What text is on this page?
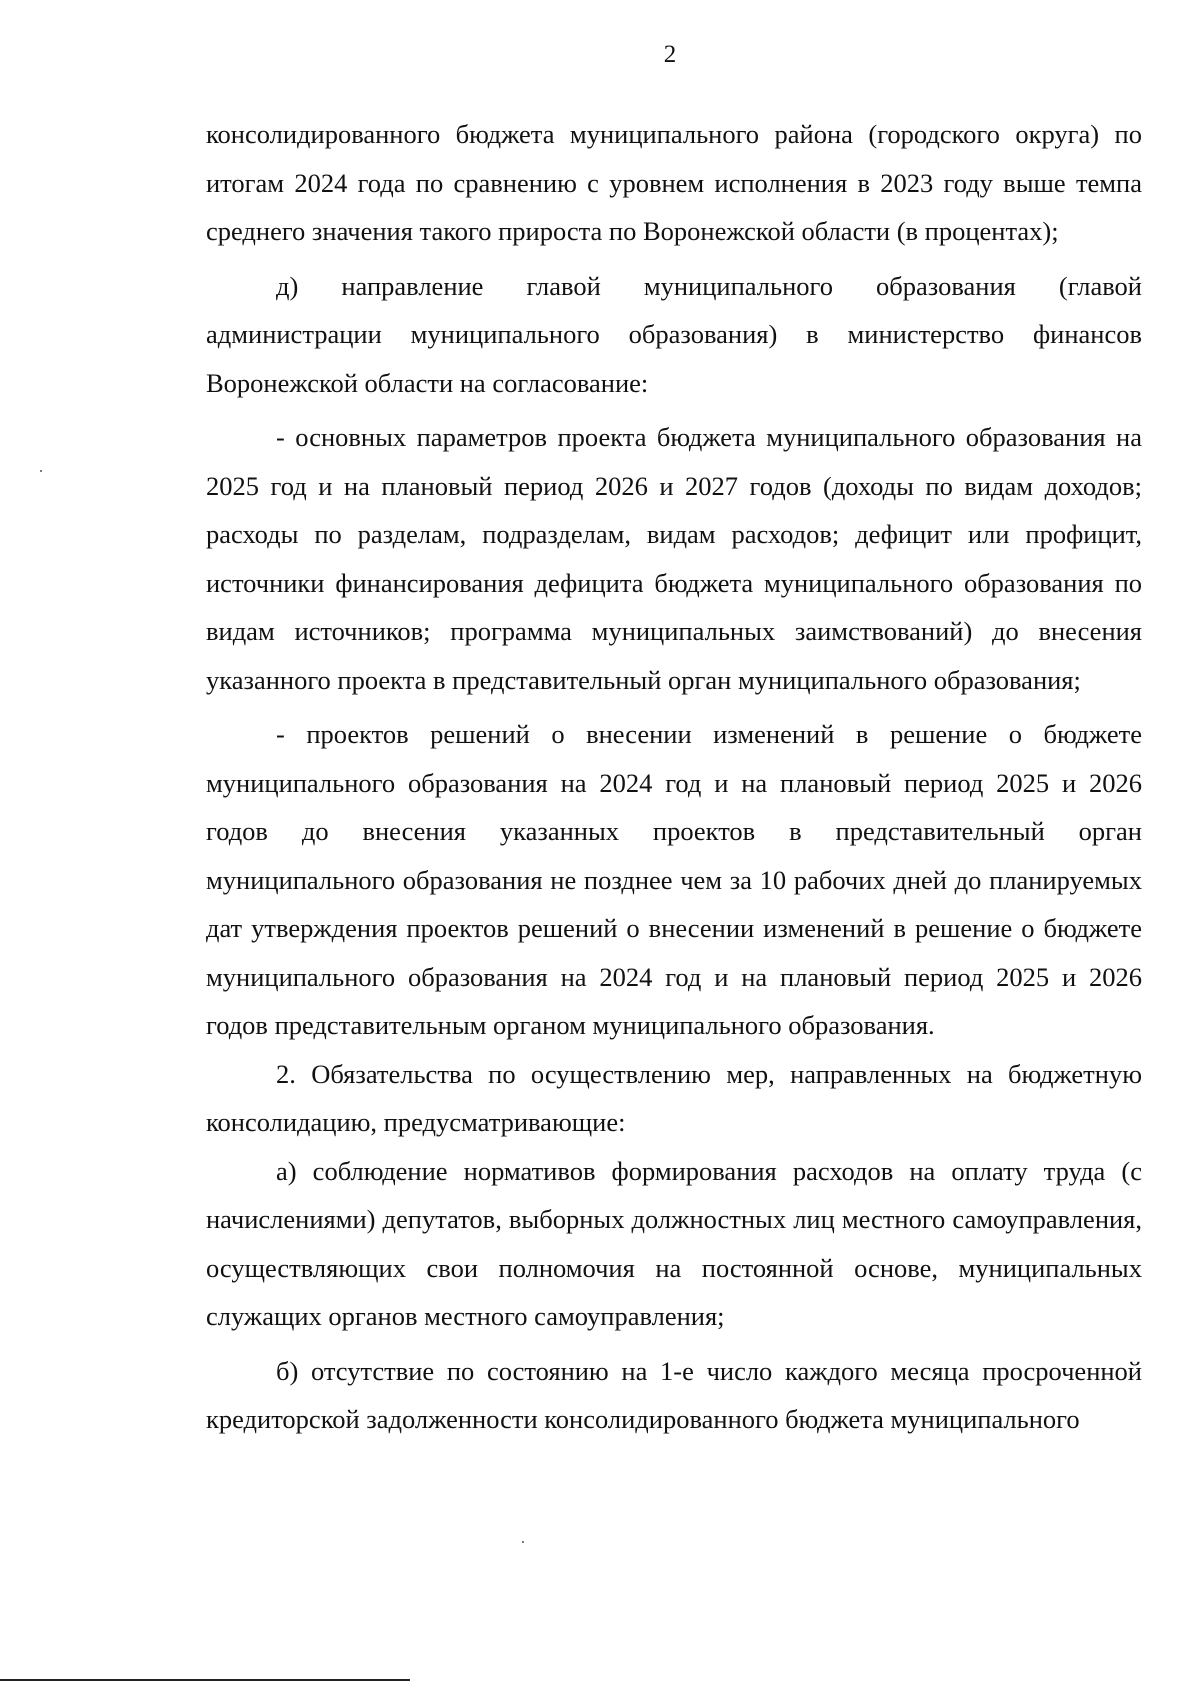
2

консолидированного бюджета муниципального района (городского округа) по итогам 2024 года по сравнению с уровнем исполнения в 2023 году выше темпа среднего значения такого прироста по Воронежской области (в процентах);

д) направление главой муниципального образования (главой администрации муниципального образования) в министерство финансов Воронежской области на согласование:

- основных параметров проекта бюджета муниципального образования на 2025 год и на плановый период 2026 и 2027 годов (доходы по видам доходов; расходы по разделам, подразделам, видам расходов; дефицит или профицит, источники финансирования дефицита бюджета муниципального образования по видам источников; программа муниципальных заимствований) до внесения указанного проекта в представительный орган муниципального образования;

- проектов решений о внесении изменений в решение о бюджете муниципального образования на 2024 год и на плановый период 2025 и 2026 годов до внесения указанных проектов в представительный орган муниципального образования не позднее чем за 10 рабочих дней до планируемых дат утверждения проектов решений о внесении изменений в решение о бюджете муниципального образования на 2024 год и на плановый период 2025 и 2026 годов представительным органом муниципального образования.

2. Обязательства по осуществлению мер, направленных на бюджетную консолидацию, предусматривающие:

а) соблюдение нормативов формирования расходов на оплату труда (с начислениями) депутатов, выборных должностных лиц местного самоуправления, осуществляющих свои полномочия на постоянной основе, муниципальных служащих органов местного самоуправления;

б) отсутствие по состоянию на 1-е число каждого месяца просроченной кредиторской задолженности консолидированного бюджета муниципального
